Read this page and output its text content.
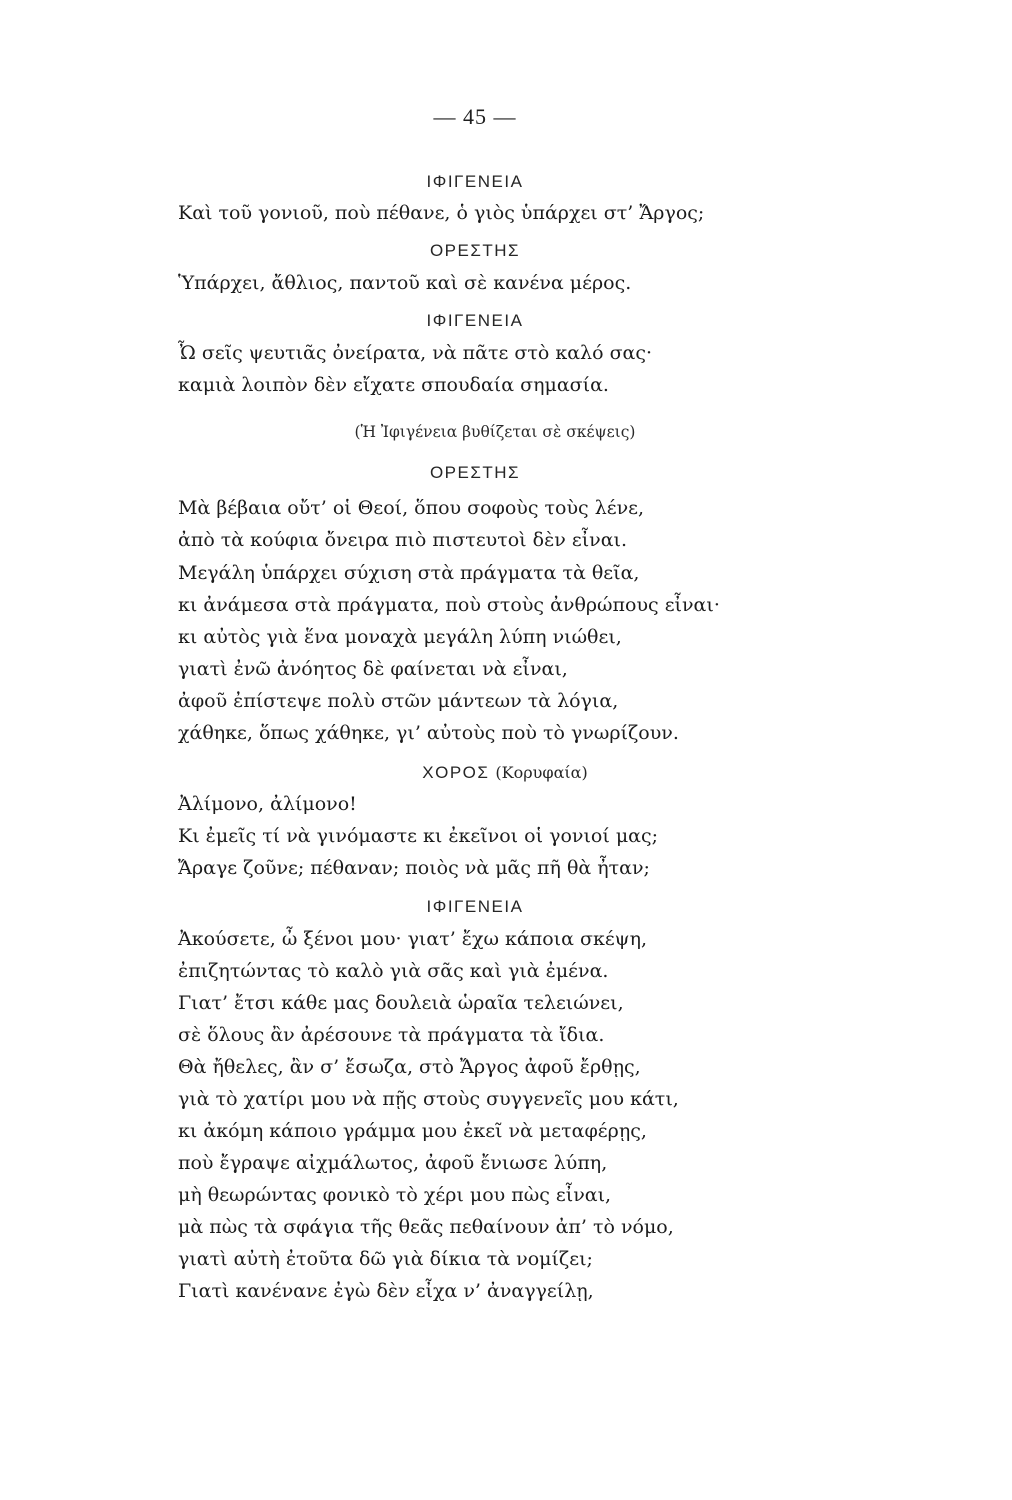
— 45 —
ΙΦΙΓΕΝΕΙΑ
Καὶ τοῦ γονιοῦ, ποὺ πέθανε, ὁ γιὸς ὑπάρχει στ’ Ἄργος;
ΟΡΕΣΤΗΣ
Ὑπάρχει, ἄθλιος, παντοῦ καὶ σὲ κανένα μέρος.
ΙΦΙΓΕΝΕΙΑ
Ὦ σεῖς ψευτιᾶς ὀνείρατα, νὰ πᾶτε στὸ καλό σας·
καμιὰ λοιπὸν δὲν εἴχατε σπουδαία σημασία.
(Ἡ Ἰφιγένεια βυθίζεται σὲ σκέψεις)
ΟΡΕΣΤΗΣ
Μὰ βέβαια οὔτ’ οἱ Θεοί, ὅπου σοφοὺς τοὺς λένε,
ἀπὸ τὰ κούφια ὄνειρα πιὸ πιστευτοὶ δὲν εἶναι.
Μεγάλη ὑπάρχει σύχιση στὰ πράγματα τὰ θεῖα,
κι ἀνάμεσα στὰ πράγματα, ποὺ στοὺς ἀνθρώπους εἶναι·
κι αὐτὸς γιὰ ἕνα μοναχὰ μεγάλη λύπη νιώθει,
γιατὶ ἐνῶ ἀνόητος δὲ φαίνεται νὰ εἶναι,
ἀφοῦ ἐπίστεψε πολὺ στῶν μάντεων τὰ λόγια,
χάθηκε, ὅπως χάθηκε, γι’ αὐτοὺς ποὺ τὸ γνωρίζουν.
ΧΟΡΟΣ (Κορυφαία)
Ἀλίμονο, ἀλίμονο!
Κι ἐμεῖς τί νὰ γινόμαστε κι ἐκεῖνοι οἱ γονιοί μας;
Ἄραγε ζοῦνε; πέθαναν; ποιὸς νὰ μᾶς πῆ θὰ ἦταν;
ΙΦΙΓΕΝΕΙΑ
Ἀκούσετε, ὦ ξένοι μου· γιατ’ ἔχω κάποια σκέψη,
ἐπιζητώντας τὸ καλὸ γιὰ σᾶς καὶ γιὰ ἐμένα.
Γιατ’ ἔτσι κάθε μας δουλειὰ ὡραῖα τελειώνει,
σὲ ὅλους ἂν ἀρέσουνε τὰ πράγματα τὰ ἴδια.
Θὰ ἤθελες, ἂν σ’ ἔσωζα, στὸ Ἄργος ἀφοῦ ἔρθῃς,
γιὰ τὸ χατίρι μου νὰ πῇς στοὺς συγγενεῖς μου κάτι,
κι ἀκόμη κάποιο γράμμα μου ἐκεῖ νὰ μεταφέρῃς,
ποὺ ἔγραψε αἰχμάλωτος, ἀφοῦ ἔνιωσε λύπη,
μὴ θεωρώντας φονικὸ τὸ χέρι μου πὼς εἶναι,
μὰ πὼς τὰ σφάγια τῆς θεᾶς πεθαίνουν ἀπ’ τὸ νόμο,
γιατὶ αὐτὴ ἐτοῦτα δῶ γιὰ δίκια τὰ νομίζει;
Γιατὶ κανένανε ἐγὼ δὲν εἶχα ν’ ἀναγγείλῃ,
